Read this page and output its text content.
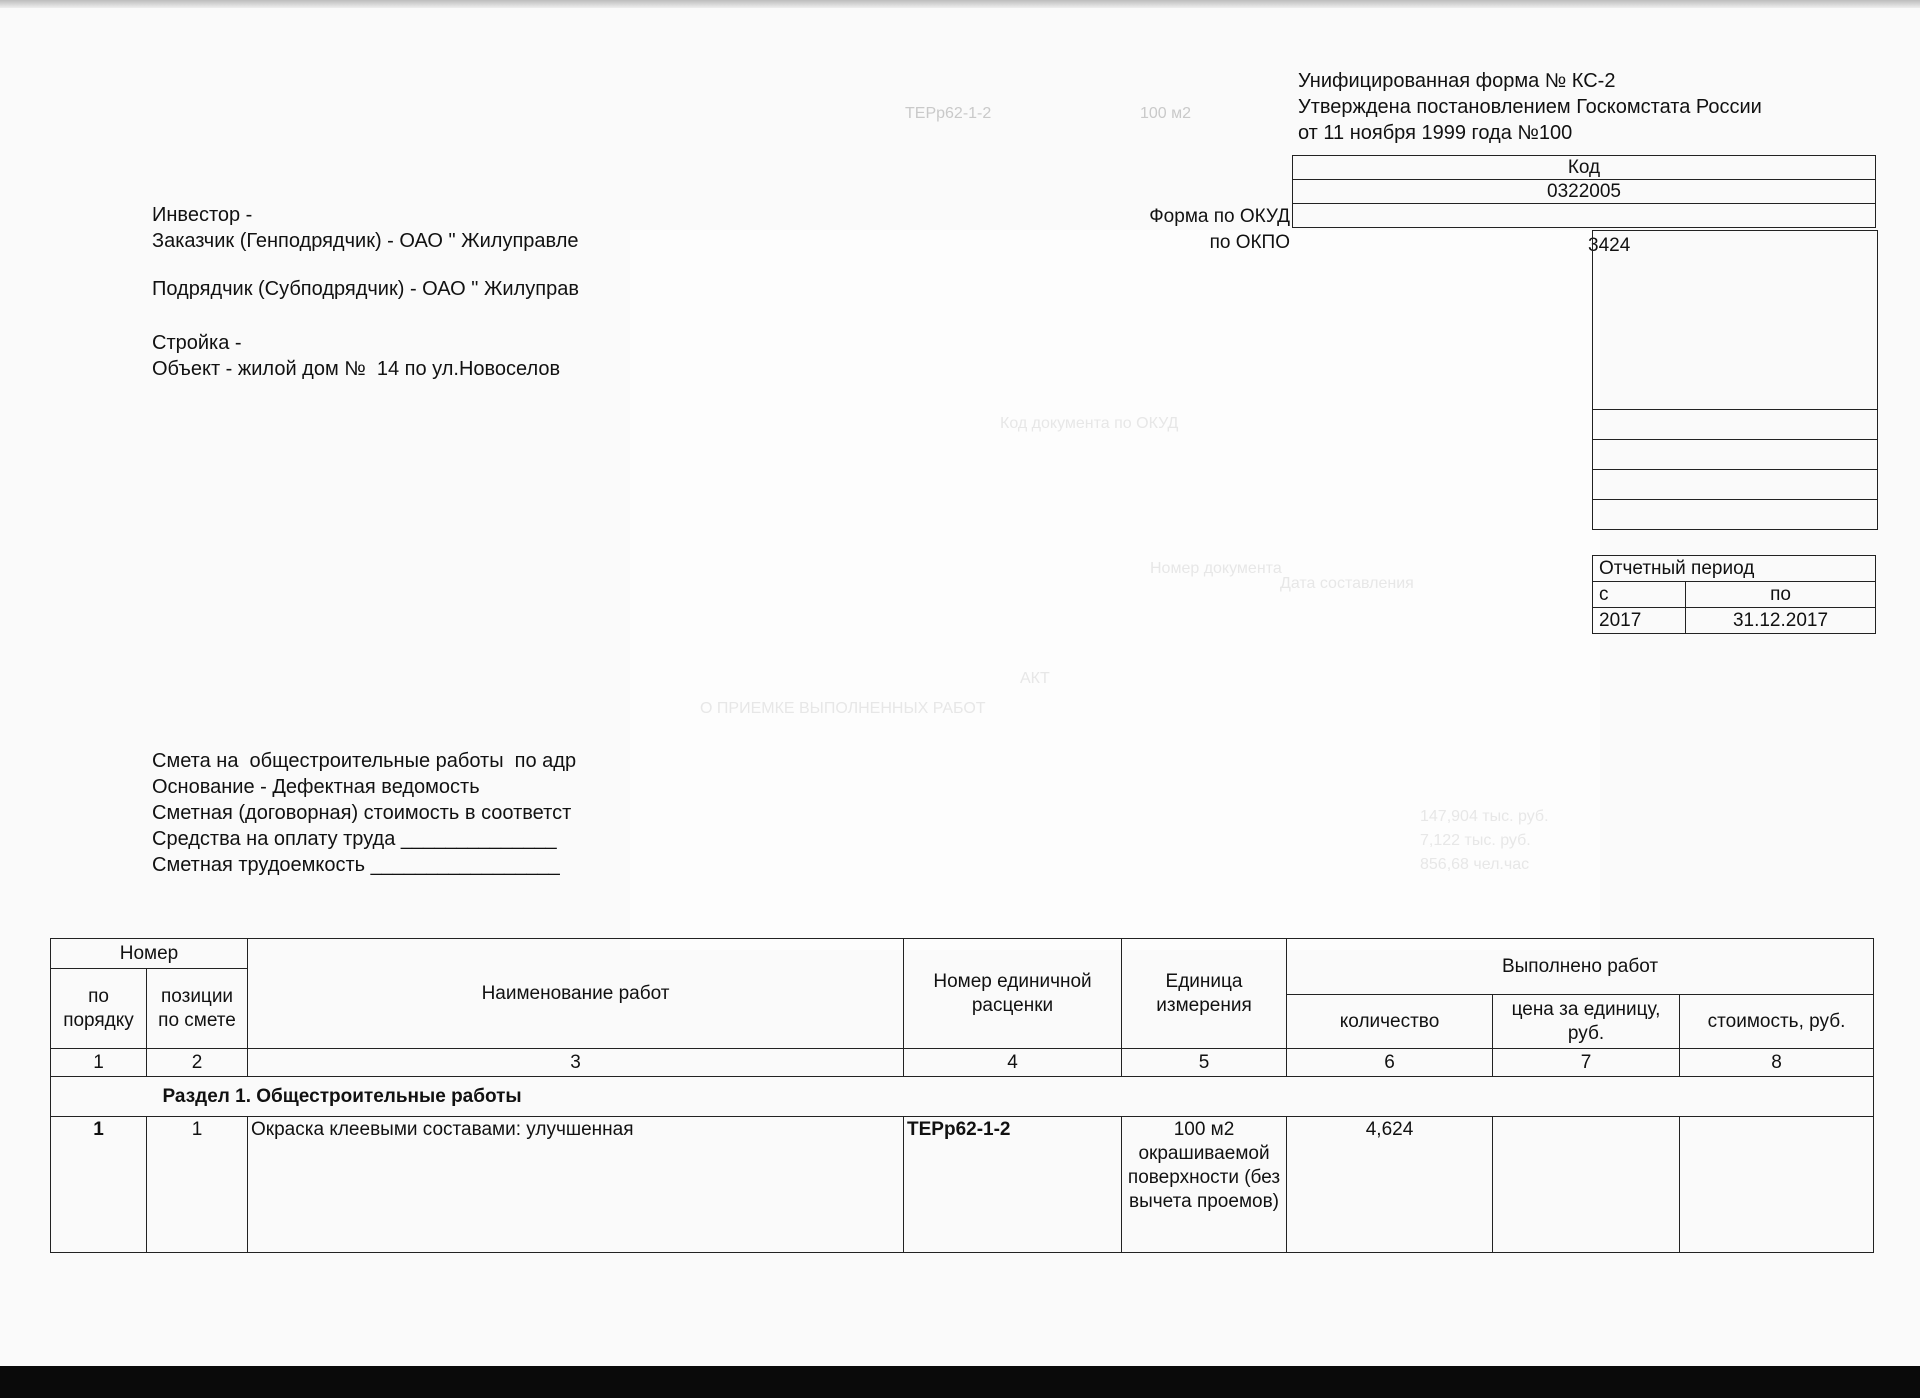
ТЕРр62-1-2	100 м2
Унифицированная форма № КС-2
Утверждена постановлением Госкомстата России
от 11 ноября 1999 года №100
Форма по ОКУД
по ОКПО
Код
0322005

3424
Отчетный период	
с	по
2017	31.12.2017
Инвестор -
Заказчик (Генподрядчик) - ОАО " Жилуправле
Подрядчик (Субподрядчик) - ОАО " Жилуправ
Стройка -
Объект - жилой дом №  14 по ул.Новоселов
Смета на  общестроительные работы  по адр
Основание - Дефектная ведомость
Сметная (договорная) стоимость в соответст
Средства на оплату труда ______________
Сметная трудоемкость _________________
Номер		Наименование работ	Номер единичной расценки	Единица измерения	Выполнено работ		
по порядку	позиции по смете						
					количество	цена за единицу, руб.	стоимость, руб.
1	2	3	4	5	6	7	8
	Раздел 1. Общестроительные работы						
1	1	Окраска клеевыми составами: улучшенная	ТЕРр62-1-2	100 м2 окрашиваемой поверхности (без вычета проемов)	4,624		
